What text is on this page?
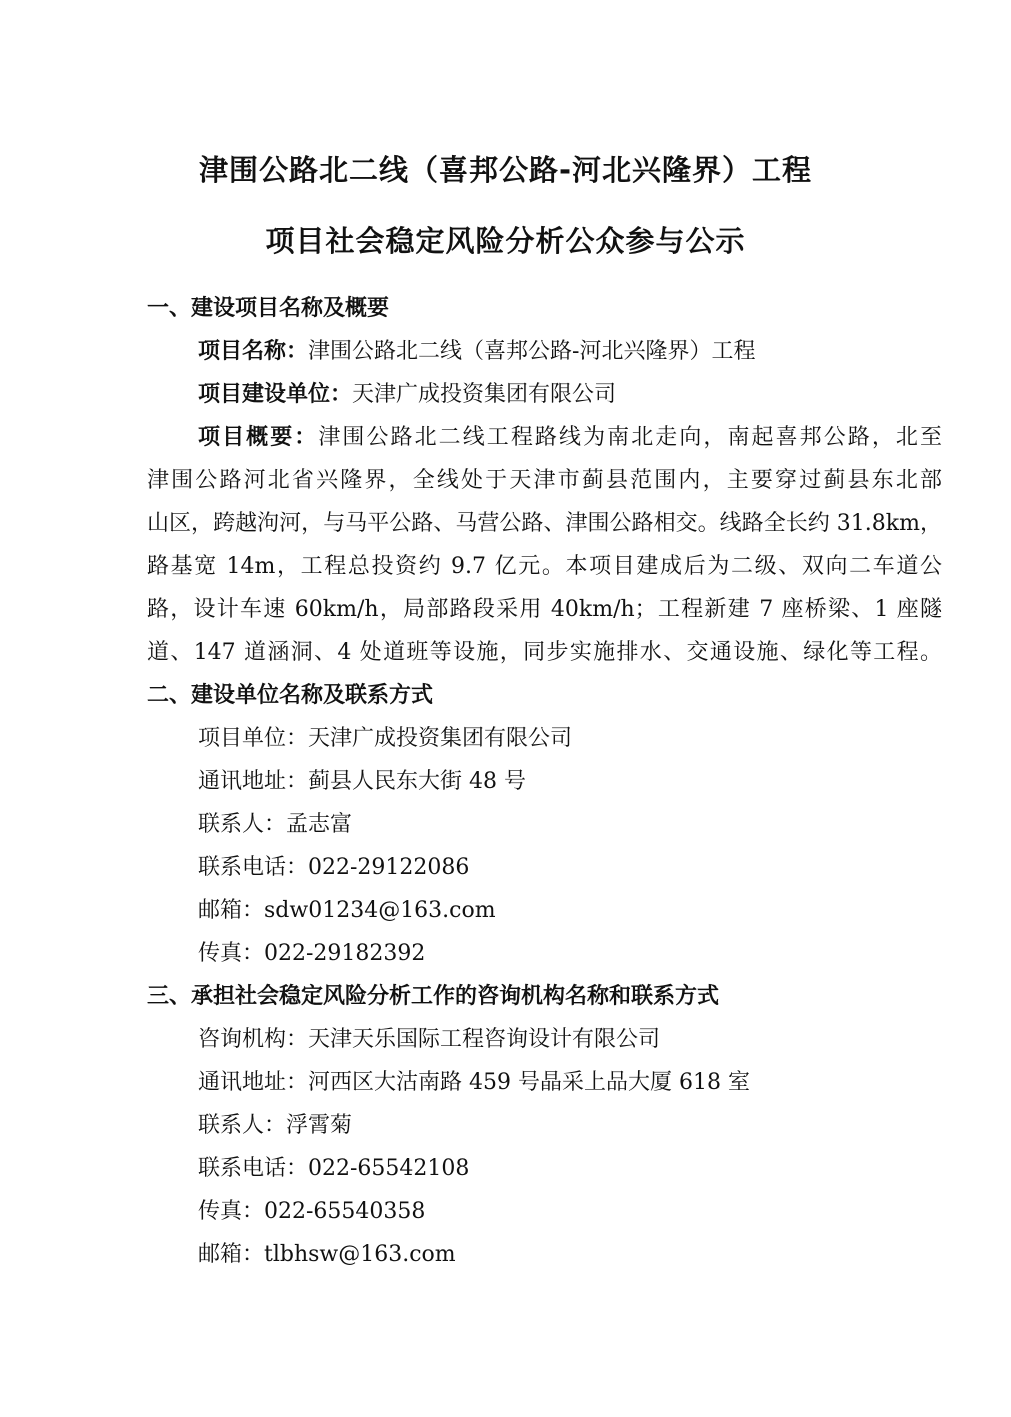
津围公路北二线（喜邦公路-河北兴隆界）工程
项目社会稳定风险分析公众参与公示
一、建设项目名称及概要
项目名称：津围公路北二线（喜邦公路-河北兴隆界）工程
项目建设单位：天津广成投资集团有限公司
项目概要：津围公路北二线工程路线为南北走向，南起喜邦公路，北至
津围公路河北省兴隆界，全线处于天津市蓟县范围内，主要穿过蓟县东北部
山区，跨越泃河，与马平公路、马营公路、津围公路相交。线路全长约 31.8km，
路基宽 14m，工程总投资约 9.7 亿元。本项目建成后为二级、双向二车道公
路，设计车速 60km/h，局部路段采用 40km/h；工程新建 7 座桥梁、1 座隧
道、147 道涵洞、4 处道班等设施，同步实施排水、交通设施、绿化等工程。
二、建设单位名称及联系方式
项目单位：天津广成投资集团有限公司
通讯地址：蓟县人民东大街 48 号
联系人：孟志富
联系电话：022-29122086
邮箱：sdw01234@163.com
传真：022-29182392
三、承担社会稳定风险分析工作的咨询机构名称和联系方式
咨询机构：天津天乐国际工程咨询设计有限公司
通讯地址：河西区大沽南路 459 号晶采上品大厦 618 室
联系人：浮霄菊
联系电话：022-65542108
传真：022-65540358
邮箱：tlbhsw@163.com
